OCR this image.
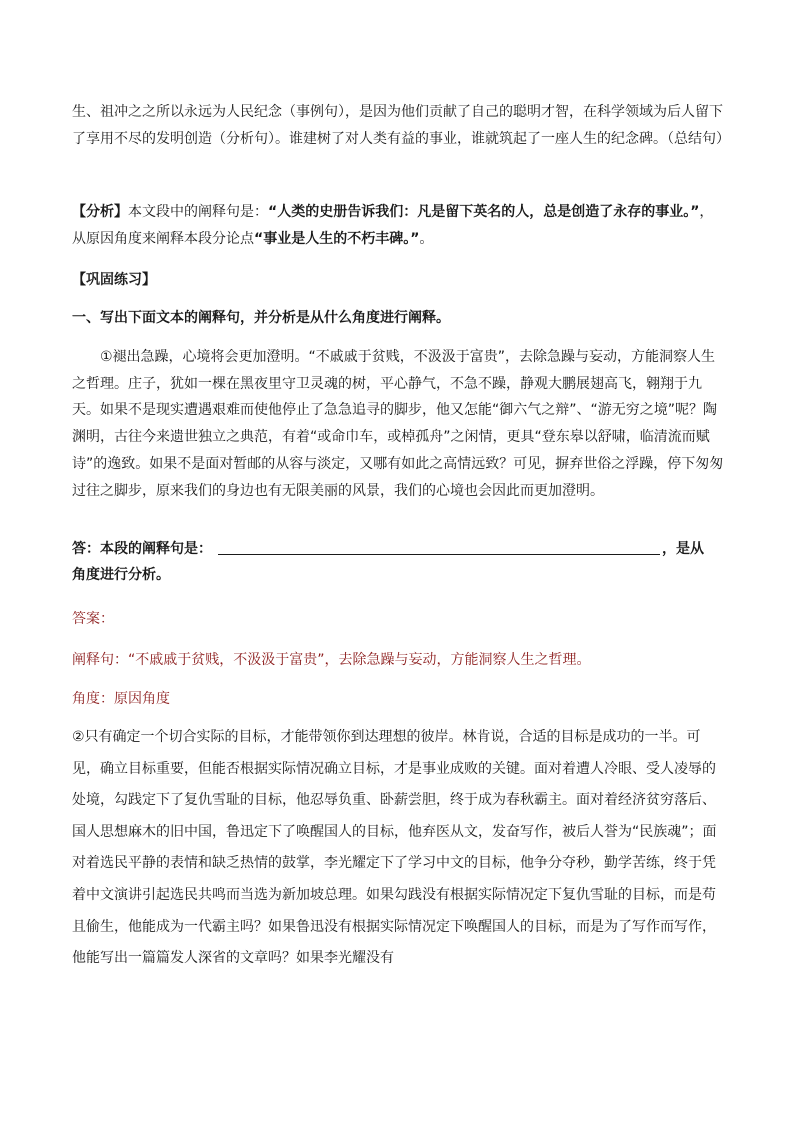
生、祖冲之之所以永远为人民纪念（事例句），是因为他们贡献了自己的聪明才智，在科学领域为后人留下了享用不尽的发明创造（分析句）。谁建树了对人类有益的事业，谁就筑起了一座人生的纪念碑。（总结句）
【分析】本文段中的阐释句是：“人类的史册告诉我们：凡是留下英名的人，总是创造了永存的事业。”，从原因角度来阐释本段分论点“事业是人生的不朽丰碑。”。
【巩固练习】
一、写出下面文本的阐释句，并分析是从什么角度进行阐释。
①褪出急躁，心境将会更加澄明。“不戚戚于贫贱，不汲汲于富贵”，去除急躁与妄动，方能洞察人生之哲理。庄子，犹如一棵在黑夜里守卫灵魂的树，平心静气，不急不躁，静观大鹏展翅高飞，翱翔于九天。如果不是现实遭遇艰难而使他停止了急急追寻的脚步，他又怎能“御六气之辩”、“游无穷之境”呢？陶渊明，古往今来遗世独立之典范，有着“或命巾车，或棹孤舟”之闲情，更具“登东皋以舒啸，临清流而赋诗”的逸致。如果不是面对暂邮的从容与淡定，又哪有如此之高情远致？可见，摒弃世俗之浮躁，停下匆匆过往之脚步，原来我们的身边也有无限美丽的风景，我们的心境也会因此而更加澄明。
答：本段的阐释句是：	，是从
角度进行分析。
答案：
阐释句：“不戚戚于贫贱，不汲汲于富贵”，去除急躁与妄动，方能洞察人生之哲理。
角度：原因角度
②只有确定一个切合实际的目标，才能带领你到达理想的彼岸。林肯说，合适的目标是成功的一半。可见，确立目标重要，但能否根据实际情况确立目标，才是事业成败的关键。面对着遭人冷眼、受人凌辱的处境，勾践定下了复仇雪耻的目标，他忍辱负重、卧薪尝胆，终于成为春秋霸主。面对着经济贫穷落后、国人思想麻木的旧中国，鲁迅定下了唤醒国人的目标，他弃医从文，发奋写作，被后人誉为“民族魂”；面对着选民平静的表情和缺乏热情的鼓掌，李光耀定下了学习中文的目标，他争分夺秒，勤学苦练，终于凭着中文演讲引起选民共鸣而当选为新加坡总理。如果勾践没有根据实际情况定下复仇雪耻的目标，而是苟且偷生，他能成为一代霸主吗？如果鲁迅没有根据实际情况定下唤醒国人的目标，而是为了写作而写作，他能写出一篇篇发人深省的文章吗？如果李光耀没有
